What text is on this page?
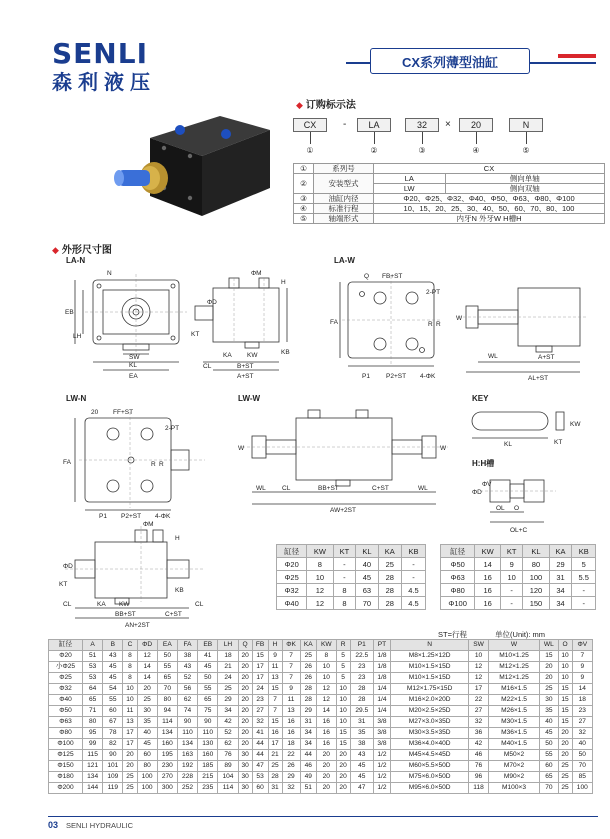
SENLI
森利液压
CX系列薄型油缸
◆ 订购标示法
CX	-	LA	32	×	20	N
①	②	③	④	⑤
①	系列号	CX	
②	安装型式	LA	侧向单轴
		LW	侧向双轴
③	油缸内径	Φ20、Φ25、Φ32、Φ40、Φ50、Φ63、Φ80、Φ100	
④	标准行程	10、15、20、25、30、40、50、60、70、80、100	
⑤	轴端形式	内牙N 外牙W H槽H	
◆ 外形尺寸图
LA-N
N
EB
LH
SW
KL
EA
ΦM
H
ΦD
KT
KW
KA	KB
CL	B+ST
A+ST
LA-W
Q FB+ST
2-PT
FA	R R
P1 P2+ST 4-ΦK
W
WL	A+ST
AL+ST
LW-N
20 FF+ST
2-PT
FA	R R
P1 P2+ST 4-ΦK
ΦM
H
KT
ΦD
KB
CL	KA KW	CL
BB+ST	C+ST
AN+2ST
LW-W
W	W
WL	CL	BB+ST	C+ST	WL
AW+2ST
KEY
KL	KT
KW
H:H槽
ΦD
ΦV
OL O
OL+C
缸径	KW	KT	KL	KA	KB
Φ20	8	-	40	25	-
Φ25	10	-	45	28	-
Φ32	12	8	63	28	4.5
Φ40	12	8	70	28	4.5
缸径	KW	KT	KL	KA	KB
Φ50	14	9	80	29	5
Φ63	16	10	100	31	5.5
Φ80	16	-	120	34	-
Φ100	16	-	150	34	-
ST=行程	单位(Unit): mm
缸径	A	B	C	ΦD	EA	FA	EB	LH	Q	FB	H	ΦK	KA	KW	R	P1	PT	N	SW	W	WL	O	ΦV
Φ20	51	43	8	12	50	38	41	18	20	15	9	7	25	8	5	22.5	1/8	M8×1.25×12D	10	M10×1.25	15	10	7
小Φ25	53	45	8	14	55	43	45	21	20	17	11	7	26	10	5	23	1/8	M10×1.5×15D	12	M12×1.25	20	10	9
Φ25	53	45	8	14	65	52	50	24	20	17	13	7	26	10	5	23	1/8	M10×1.5×15D	12	M12×1.25	20	10	9
Φ32	64	54	10	20	70	56	55	25	20	24	15	9	28	12	10	28	1/4	M12×1.75×15D	17	M16×1.5	25	15	14
Φ40	65	55	10	25	80	62	65	29	20	23	7	11	28	12	10	28	1/4	M16×2.0×20D	22	M22×1.5	30	15	18
Φ50	71	60	11	30	94	74	75	34	20	27	7	13	29	14	10	29.5	1/4	M20×2.5×25D	27	M26×1.5	35	15	23
Φ63	80	67	13	35	114	90	90	42	20	32	15	16	31	16	10	31	3/8	M27×3.0×35D	32	M30×1.5	40	15	27
Φ80	95	78	17	40	134	110	110	52	20	41	16	16	34	16	15	35	3/8	M30×3.5×35D	36	M36×1.5	45	20	32
Φ100	99	82	17	45	160	134	130	62	20	44	17	18	34	16	15	38	3/8	M36×4.0×40D	42	M40×1.5	50	20	40
Φ125	115	90	20	60	195	163	160	76	30	44	21	22	44	20	20	43	1/2	M45×4.5×45D	46	M50×2	55	20	50
Φ150	121	101	20	80	230	192	185	89	30	47	25	26	46	20	20	45	1/2	M60×5.5×50D	76	M70×2	60	25	70
Φ180	134	109	25	100	270	228	215	104	30	53	28	29	49	20	20	45	1/2	M75×6.0×50D	96	M90×2	65	25	85
Φ200	144	119	25	100	300	252	235	114	30	60	31	32	51	20	20	47	1/2	M95×6.0×50D	118	M100×3	70	25	100
03 SENLI HYDRAULIC
